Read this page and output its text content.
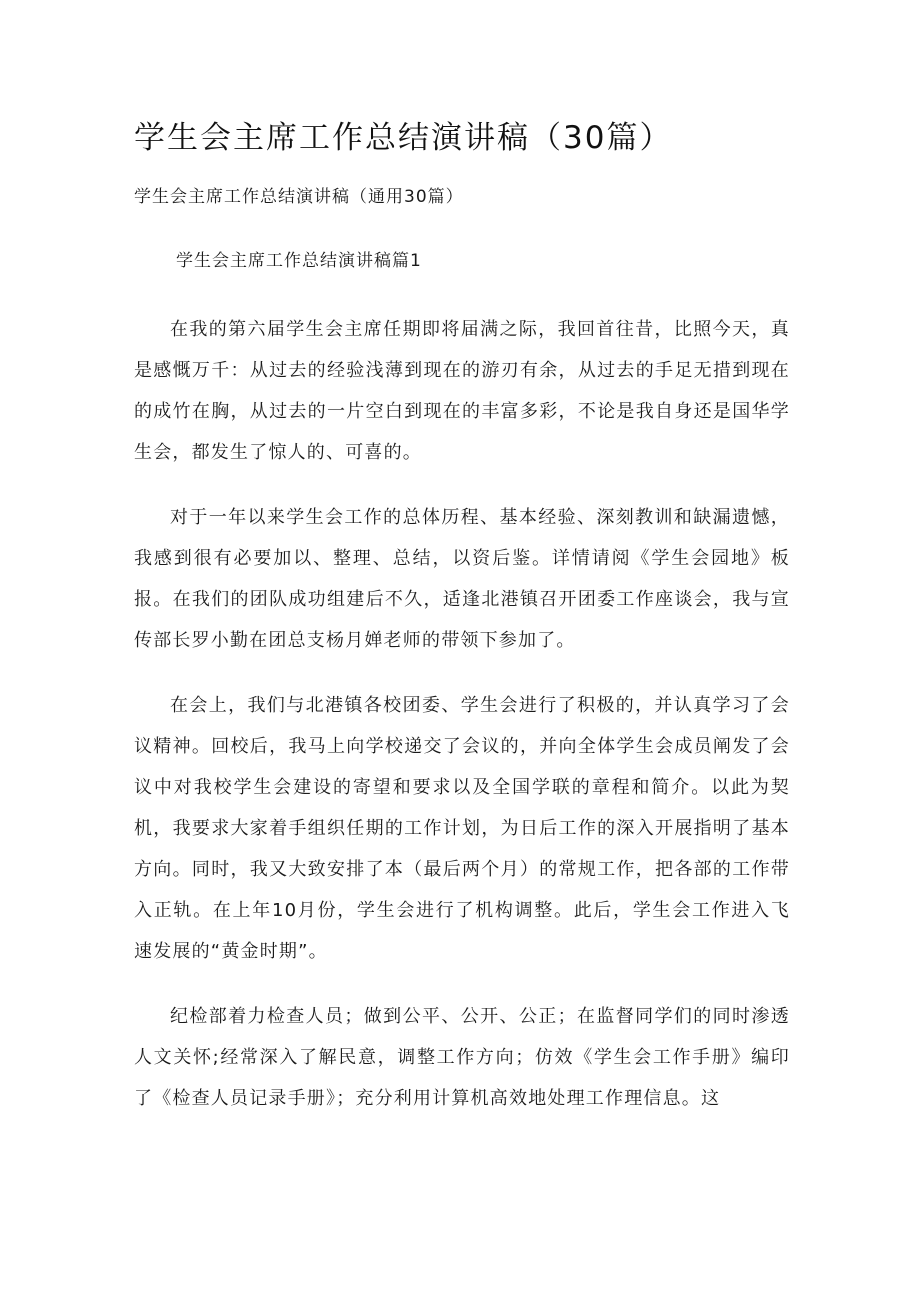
学生会主席工作总结演讲稿（30篇）

学生会主席工作总结演讲稿（通用30篇）

学生会主席工作总结演讲稿篇1

在我的第六届学生会主席任期即将届满之际，我回首往昔，比照今天，真是感慨万千：从过去的经验浅薄到现在的游刃有余，从过去的手足无措到现在的成竹在胸，从过去的一片空白到现在的丰富多彩，不论是我自身还是国华学生会，都发生了惊人的、可喜的。

对于一年以来学生会工作的总体历程、基本经验、深刻教训和缺漏遗憾，我感到很有必要加以、整理、总结，以资后鉴。详情请阅《学生会园地》板报。在我们的团队成功组建后不久，适逢北港镇召开团委工作座谈会，我与宣传部长罗小勤在团总支杨月婵老师的带领下参加了。

在会上，我们与北港镇各校团委、学生会进行了积极的，并认真学习了会议精神。回校后，我马上向学校递交了会议的，并向全体学生会成员阐发了会议中对我校学生会建设的寄望和要求以及全国学联的章程和简介。以此为契机，我要求大家着手组织任期的工作计划，为日后工作的深入开展指明了基本方向。同时，我又大致安排了本（最后两个月）的常规工作，把各部的工作带入正轨。在上年10月份，学生会进行了机构调整。此后，学生会工作进入飞速发展的“黄金时期”。

纪检部着力检查人员；做到公平、公开、公正；在监督同学们的同时渗透人文关怀;经常深入了解民意，调整工作方向；仿效《学生会工作手册》编印了《检查人员记录手册》；充分利用计算机高效地处理工作理信息。这
